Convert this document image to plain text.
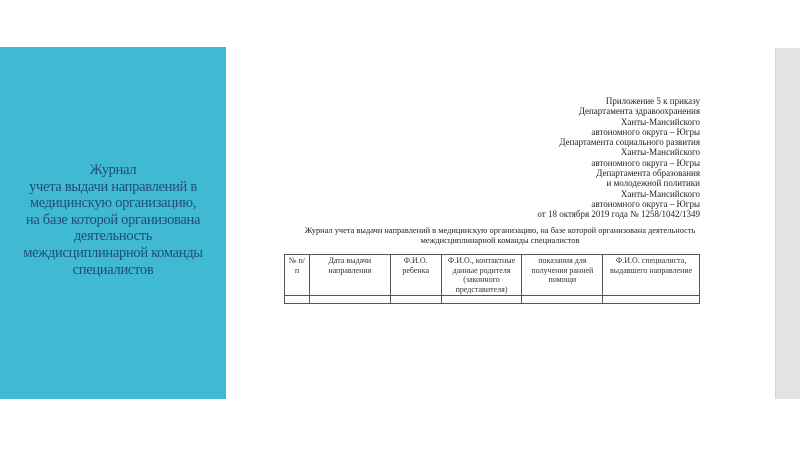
Журнал
учета выдачи направлений в
медицинскую организацию,
на базе которой организована
деятельность
междисциплинарной команды
специалистов
Приложение 5 к приказу
Департамента здравоохранения
Ханты-Мансийского
автономного округа – Югры
Департамента социального развития
Ханты-Мансийского
автономного округа – Югры
Департамента образования
и молодежной политики
Ханты-Мансийского
автономного округа – Югры
от 18 октября 2019 года № 1258/1042/1349
Журнал учета выдачи направлений в медицинскую организацию, на базе которой организована деятельность
междисциплинарной команды специалистов
№ п/п	Дата выдачи направления	Ф.И.О. ребенка	Ф.И.О., контактные данные родителя (законного представителя)	показания для получения ранней помощи	Ф.И.О. специалиста, выдавшего направление
